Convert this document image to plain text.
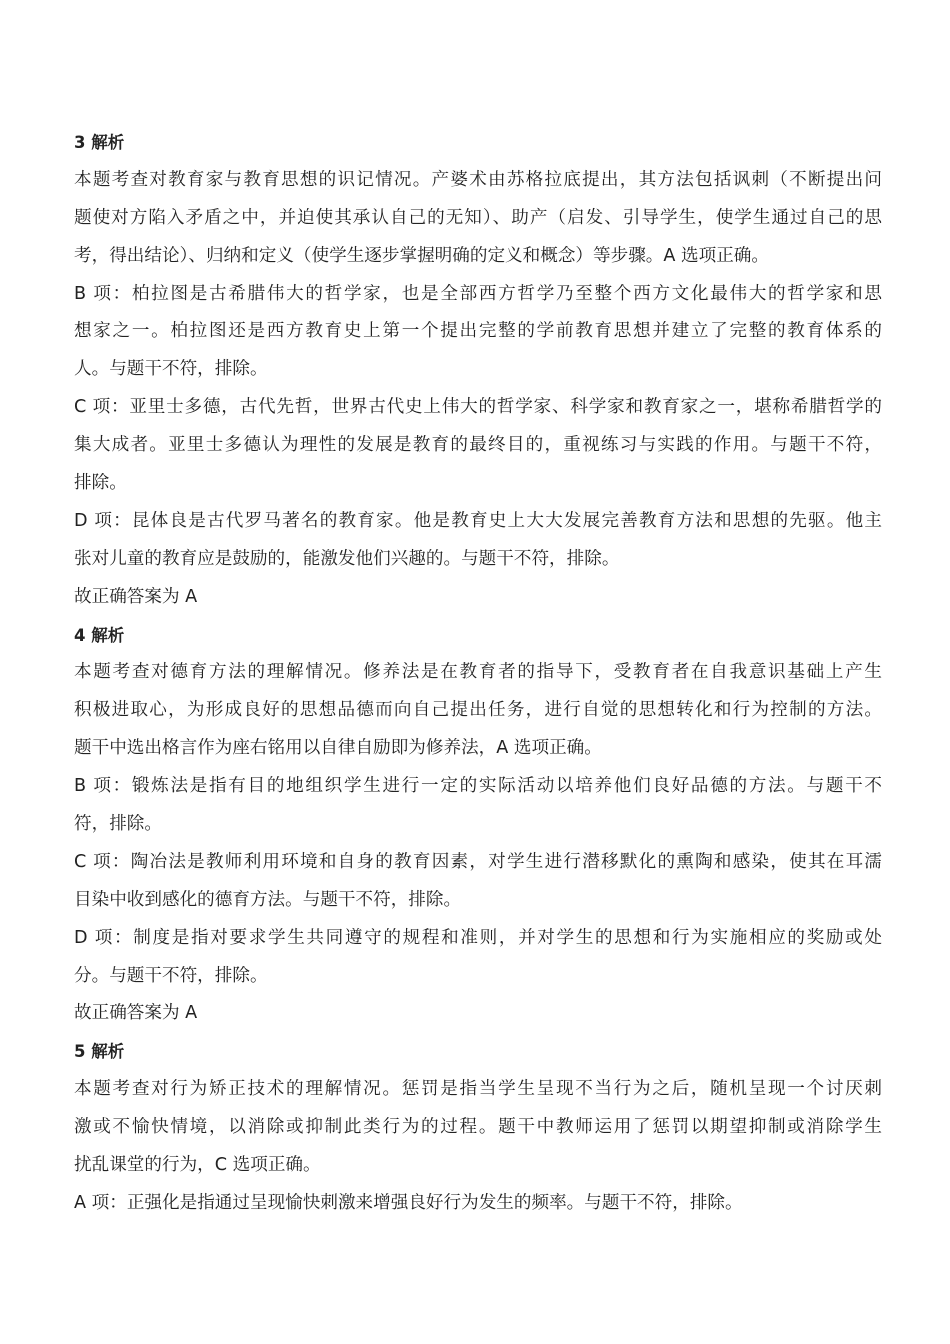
3 解析
本题考查对教育家与教育思想的识记情况。产婆术由苏格拉底提出，其方法包括讽刺（不断提出问
题使对方陷入矛盾之中，并迫使其承认自己的无知）、助产（启发、引导学生，使学生通过自己的思
考，得出结论）、归纳和定义（使学生逐步掌握明确的定义和概念）等步骤。A 选项正确。
B 项：柏拉图是古希腊伟大的哲学家，也是全部西方哲学乃至整个西方文化最伟大的哲学家和思
想家之一。柏拉图还是西方教育史上第一个提出完整的学前教育思想并建立了完整的教育体系的
人。与题干不符，排除。
C 项：亚里士多德，古代先哲，世界古代史上伟大的哲学家、科学家和教育家之一，堪称希腊哲学的
集大成者。亚里士多德认为理性的发展是教育的最终目的，重视练习与实践的作用。与题干不符，
排除。
D 项：昆体良是古代罗马著名的教育家。他是教育史上大大发展完善教育方法和思想的先驱。他主
张对儿童的教育应是鼓励的，能激发他们兴趣的。与题干不符，排除。
故正确答案为 A
4 解析
本题考查对德育方法的理解情况。修养法是在教育者的指导下，受教育者在自我意识基础上产生
积极进取心，为形成良好的思想品德而向自己提出任务，进行自觉的思想转化和行为控制的方法。
题干中选出格言作为座右铭用以自律自励即为修养法，A 选项正确。
B 项：锻炼法是指有目的地组织学生进行一定的实际活动以培养他们良好品德的方法。与题干不
符，排除。
C 项：陶冶法是教师利用环境和自身的教育因素，对学生进行潜移默化的熏陶和感染，使其在耳濡
目染中收到感化的德育方法。与题干不符，排除。
D 项：制度是指对要求学生共同遵守的规程和准则，并对学生的思想和行为实施相应的奖励或处
分。与题干不符，排除。
故正确答案为 A
5 解析
本题考查对行为矫正技术的理解情况。惩罚是指当学生呈现不当行为之后，随机呈现一个讨厌刺
激或不愉快情境，以消除或抑制此类行为的过程。题干中教师运用了惩罚以期望抑制或消除学生
扰乱课堂的行为，C 选项正确。
A 项：正强化是指通过呈现愉快刺激来增强良好行为发生的频率。与题干不符，排除。
